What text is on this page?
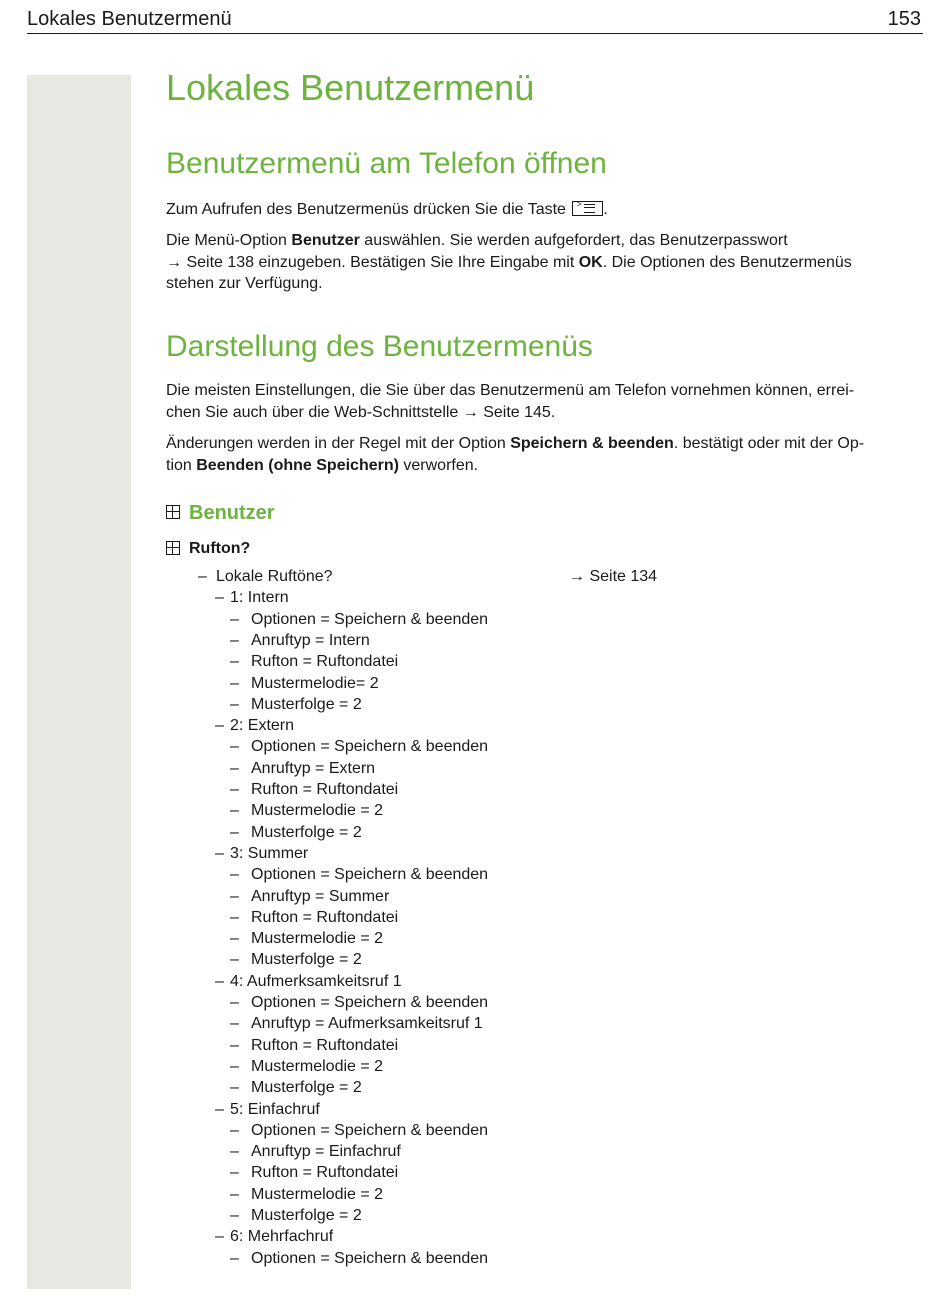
Lokales Benutzermenü	153
Lokales Benutzermenü
Benutzermenü am Telefon öffnen

Zum Aufrufen des Benutzermenüs drücken Sie die Taste > .

Die Menü-Option Benutzer auswählen. Sie werden aufgefordert, das Benutzerpasswort
→ Seite 138 einzugeben. Bestätigen Sie Ihre Eingabe mit OK. Die Optionen des Benutzermenüs
stehen zur Verfügung.

Darstellung des Benutzermenüs

Die meisten Einstellungen, die Sie über das Benutzermenü am Telefon vornehmen können, errei-
chen Sie auch über die Web-Schnittstelle → Seite 145.

Änderungen werden in der Regel mit der Option Speichern & beenden. bestätigt oder mit der Op-
tion Beenden (ohne Speichern) verworfen.

Benutzer
Rufton?
– Lokale Ruftöne?	→ Seite 134
– 1: Intern
– Optionen = Speichern & beenden
– Anruftyp = Intern
– Rufton = Ruftondatei
– Mustermelodie= 2
– Musterfolge = 2
– 2: Extern
– Optionen = Speichern & beenden
– Anruftyp = Extern
– Rufton = Ruftondatei
– Mustermelodie = 2
– Musterfolge = 2
– 3: Summer
– Optionen = Speichern & beenden
– Anruftyp = Summer
– Rufton = Ruftondatei
– Mustermelodie = 2
– Musterfolge = 2
– 4: Aufmerksamkeitsruf 1
– Optionen = Speichern & beenden
– Anruftyp = Aufmerksamkeitsruf 1
– Rufton = Ruftondatei
– Mustermelodie = 2
– Musterfolge = 2
– 5: Einfachruf
– Optionen = Speichern & beenden
– Anruftyp = Einfachruf
– Rufton = Ruftondatei
– Mustermelodie = 2
– Musterfolge = 2
– 6: Mehrfachruf
– Optionen = Speichern & beenden
